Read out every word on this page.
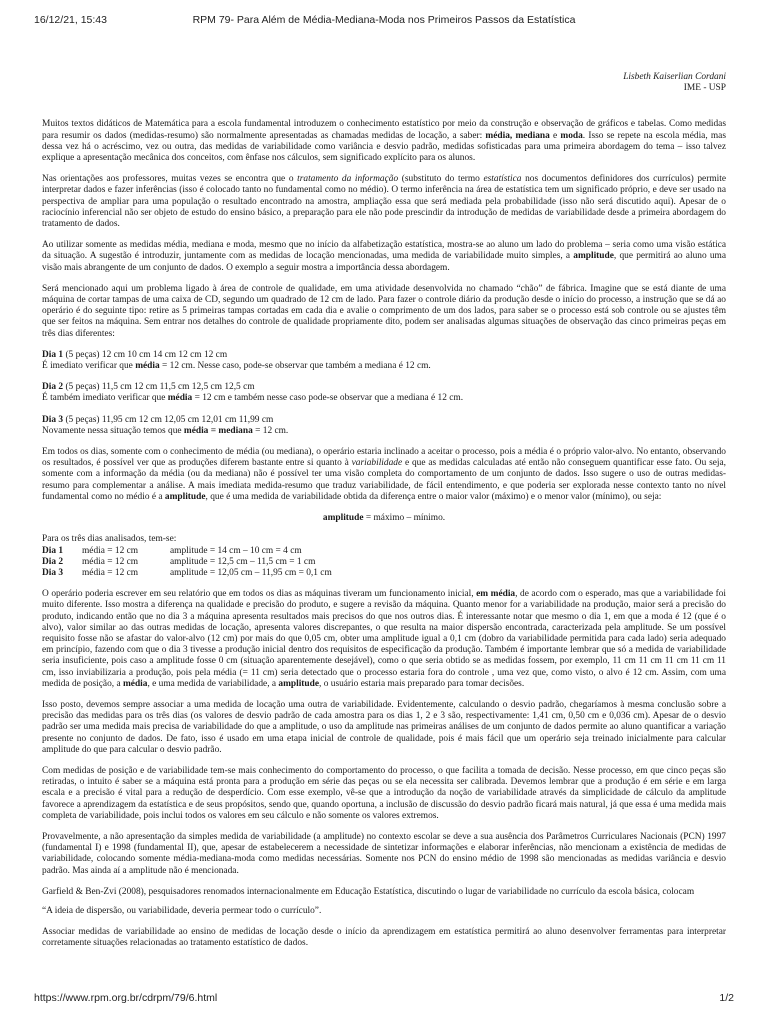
16/12/21, 15:43	RPM 79- Para Além de Média-Mediana-Moda nos Primeiros Passos da Estatística

Lisbeth Kaiserlian Cordani

IME - USP

Muitos textos didáticos de Matemática para a escola fundamental introduzem o conhecimento estatístico por meio da construção e observação de gráficos e tabelas. Como medidas para resumir os dados (medidas-resumo) são normalmente apresentadas as chamadas medidas de locação, a saber: média, mediana e moda. Isso se repete na escola média, mas dessa vez há o acréscimo, vez ou outra, das medidas de variabilidade como variância e desvio padrão, medidas sofisticadas para uma primeira abordagem do tema – isso talvez explique a apresentação mecânica dos conceitos, com ênfase nos cálculos, sem significado explícito para os alunos.

Nas orientações aos professores, muitas vezes se encontra que o tratamento da informação (substituto do termo estatística nos documentos definidores dos currículos) permite interpretar dados e fazer inferências (isso é colocado tanto no fundamental como no médio). O termo inferência na área de estatística tem um significado próprio, e deve ser usado na perspectiva de ampliar para uma população o resultado encontrado na amostra, ampliação essa que será mediada pela probabilidade (isso não será discutido aqui). Apesar de o raciocínio inferencial não ser objeto de estudo do ensino básico, a preparação para ele não pode prescindir da introdução de medidas de variabilidade desde a primeira abordagem do tratamento de dados.

Ao utilizar somente as medidas média, mediana e moda, mesmo que no início da alfabetização estatística, mostra-se ao aluno um lado do problema – seria como uma visão estática da situação. A sugestão é introduzir, juntamente com as medidas de locação mencionadas, uma medida de variabilidade muito simples, a amplitude, que permitirá ao aluno uma visão mais abrangente de um conjunto de dados. O exemplo a seguir mostra a importância dessa abordagem.

Será mencionado aqui um problema ligado à área de controle de qualidade, em uma atividade desenvolvida no chamado “chão” de fábrica. Imagine que se está diante de uma máquina de cortar tampas de uma caixa de CD, segundo um quadrado de 12 cm de lado. Para fazer o controle diário da produção desde o início do processo, a instrução que se dá ao operário é do seguinte tipo: retire as 5 primeiras tampas cortadas em cada dia e avalie o comprimento de um dos lados, para saber se o processo está sob controle ou se ajustes têm que ser feitos na máquina. Sem entrar nos detalhes do controle de qualidade propriamente dito, podem ser analisadas algumas situações de observação das cinco primeiras peças em três dias diferentes:

Dia 1 (5 peças) 12 cm 10 cm 14 cm 12 cm 12 cm
É imediato verificar que média = 12 cm. Nesse caso, pode-se observar que também a mediana é 12 cm.
Dia 2 (5 peças) 11,5 cm 12 cm 11,5 cm 12,5 cm 12,5 cm
É também imediato verificar que média = 12 cm e também nesse caso pode-se observar que a mediana é 12 cm.
Dia 3 (5 peças) 11,95 cm 12 cm 12,05 cm 12,01 cm 11,99 cm
Novamente nessa situação temos que média = mediana = 12 cm.

Em todos os dias, somente com o conhecimento de média (ou mediana), o operário estaria inclinado a aceitar o processo, pois a média é o próprio valor-alvo. No entanto, observando os resultados, é possível ver que as produções diferem bastante entre si quanto à variabilidade e que as medidas calculadas até então não conseguem quantificar esse fato. Ou seja, somente com a informação da média (ou da mediana) não é possível ter uma visão completa do comportamento de um conjunto de dados. Isso sugere o uso de outras medidas-resumo para complementar a análise. A mais imediata medida-resumo que traduz variabilidade, de fácil entendimento, e que poderia ser explorada nesse contexto tanto no nível fundamental como no médio é a amplitude, que é uma medida de variabilidade obtida da diferença entre o maior valor (máximo) e o menor valor (mínimo), ou seja:

amplitude = máximo – mínimo.
Para os três dias analisados, tem-se:
Dia 1	média = 12 cm	amplitude = 14 cm – 10 cm = 4 cm
Dia 2	média = 12 cm	amplitude = 12,5 cm – 11,5 cm = 1 cm
Dia 3	média = 12 cm	amplitude = 12,05 cm – 11,95 cm = 0,1 cm

O operário poderia escrever em seu relatório que em todos os dias as máquinas tiveram um funcionamento inicial, em média, de acordo com o esperado, mas que a variabilidade foi muito diferente. Isso mostra a diferença na qualidade e precisão do produto, e sugere a revisão da máquina. Quanto menor for a variabilidade na produção, maior será a precisão do produto, indicando então que no dia 3 a máquina apresenta resultados mais precisos do que nos outros dias. É interessante notar que mesmo o dia 1, em que a moda é 12 (que é o alvo), valor similar ao das outras medidas de locação, apresenta valores discrepantes, o que resulta na maior dispersão encontrada, caracterizada pela amplitude. Se um possível requisito fosse não se afastar do valor-alvo (12 cm) por mais do que 0,05 cm, obter uma amplitude igual a 0,1 cm (dobro da variabilidade permitida para cada lado) seria adequado em princípio, fazendo com que o dia 3 tivesse a produção inicial dentro dos requisitos de especificação da produção. Também é importante lembrar que só a medida de variabilidade seria insuficiente, pois caso a amplitude fosse 0 cm (situação aparentemente desejável), como o que seria obtido se as medidas fossem, por exemplo, 11 cm 11 cm 11 cm 11 cm 11 cm, isso inviabilizaria a produção, pois pela média (= 11 cm) seria detectado que o processo estaria fora do controle , uma vez que, como visto, o alvo é 12 cm. Assim, com uma medida de posição, a média, e uma medida de variabilidade, a amplitude, o usuário estaria mais preparado para tomar decisões.

Isso posto, devemos sempre associar a uma medida de locação uma outra de variabilidade. Evidentemente, calculando o desvio padrão, chegaríamos à mesma conclusão sobre a precisão das medidas para os três dias (os valores de desvio padrão de cada amostra para os dias 1, 2 e 3 são, respectivamente: 1,41 cm, 0,50 cm e 0,036 cm). Apesar de o desvio padrão ser uma medida mais precisa de variabilidade do que a amplitude, o uso da amplitude nas primeiras análises de um conjunto de dados permite ao aluno quantificar a variação presente no conjunto de dados. De fato, isso é usado em uma etapa inicial de controle de qualidade, pois é mais fácil que um operário seja treinado inicialmente para calcular amplitude do que para calcular o desvio padrão.

Com medidas de posição e de variabilidade tem-se mais conhecimento do comportamento do processo, o que facilita a tomada de decisão. Nesse processo, em que cinco peças são retiradas, o intuito é saber se a máquina está pronta para a produção em série das peças ou se ela necessita ser calibrada. Devemos lembrar que a produção é em série e em larga escala e a precisão é vital para a redução de desperdício. Com esse exemplo, vê-se que a introdução da noção de variabilidade através da simplicidade de cálculo da amplitude favorece a aprendizagem da estatística e de seus propósitos, sendo que, quando oportuna, a inclusão de discussão do desvio padrão ficará mais natural, já que essa é uma medida mais completa de variabilidade, pois inclui todos os valores em seu cálculo e não somente os valores extremos.

Provavelmente, a não apresentação da simples medida de variabilidade (a amplitude) no contexto escolar se deve a sua ausência dos Parâmetros Curriculares Nacionais (PCN) 1997 (fundamental I) e 1998 (fundamental II), que, apesar de estabelecerem a necessidade de sintetizar informações e elaborar inferências, não mencionam a existência de medidas de variabilidade, colocando somente média-mediana-moda como medidas necessárias. Somente nos PCN do ensino médio de 1998 são mencionadas as medidas variância e desvio padrão. Mas ainda aí a amplitude não é mencionada.

Garfield & Ben-Zvi (2008), pesquisadores renomados internacionalmente em Educação Estatística, discutindo o lugar de variabilidade no currículo da escola básica, colocam

“A ideia de dispersão, ou variabilidade, deveria permear todo o currículo”.

Associar medidas de variabilidade ao ensino de medidas de locação desde o início da aprendizagem em estatística permitirá ao aluno desenvolver ferramentas para interpretar corretamente situações relacionadas ao tratamento estatístico de dados.

https://www.rpm.org.br/cdrpm/79/6.html	1/2
